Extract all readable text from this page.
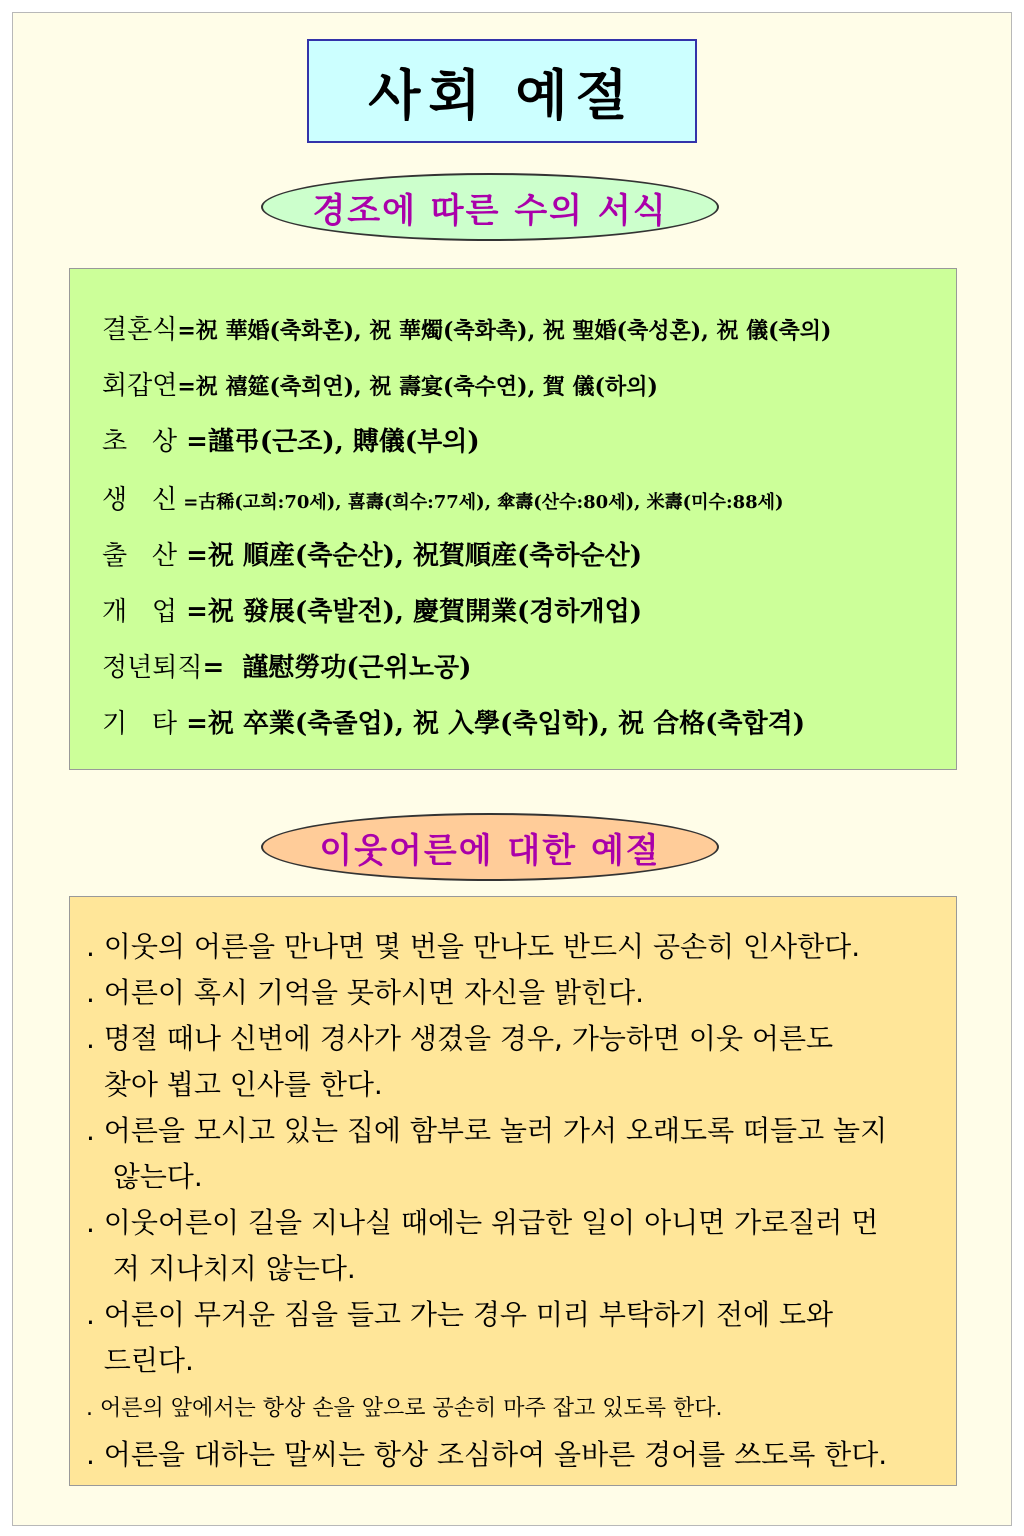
사회 예절
경조에 따른 수의 서식
결혼식=祝 華婚(축화혼), 祝 華燭(축화촉), 祝 聖婚(축성혼), 祝 儀(축의)
회갑연=祝 禧筵(축희연), 祝 壽宴(축수연), 賀 儀(하의)
초   상 =謹弔(근조), 賻儀(부의)
생   신 =古稀(고희:70세), 喜壽(희수:77세), 傘壽(산수:80세), 米壽(미수:88세)
출   산 =祝 順産(축순산), 祝賀順産(축하순산)
개   업 =祝 發展(축발전), 慶賀開業(경하개업)
정년퇴직=  謹慰勞功(근위노공)
기   타 =祝 卒業(축졸업), 祝 入學(축입학), 祝 合格(축합격)
이웃어른에 대한 예절
. 이웃의 어른을 만나면 몇 번을 만나도 반드시 공손히 인사한다.
. 어른이 혹시 기억을 못하시면 자신을 밝힌다.
. 명절 때나 신변에 경사가 생겼을 경우, 가능하면 이웃 어른도
찾아 뵙고 인사를 한다.
. 어른을 모시고 있는 집에 함부로 놀러 가서 오래도록 떠들고 놀지
않는다.
. 이웃어른이 길을 지나실 때에는 위급한 일이 아니면 가로질러 먼
저 지나치지 않는다.
. 어른이 무거운 짐을 들고 가는 경우 미리 부탁하기 전에 도와
드린다.
. 어른의 앞에서는 항상 손을 앞으로 공손히 마주 잡고 있도록 한다.
. 어른을 대하는 말씨는 항상 조심하여 올바른 경어를 쓰도록 한다.
